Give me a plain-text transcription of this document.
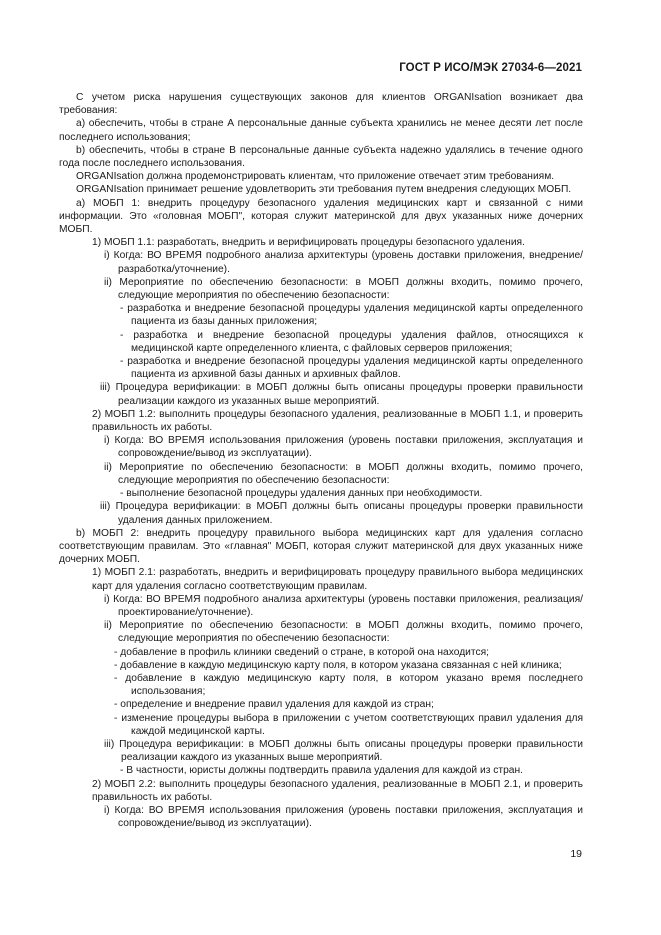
ГОСТ Р ИСО/МЭК 27034-6—2021

С учетом риска нарушения существующих законов для клиентов ORGANIsation возникает два требования:

a) обеспечить, чтобы в стране А персональные данные субъекта хранились не менее десяти лет после последнего использования;

b) обеспечить, чтобы в стране В персональные данные субъекта надежно удалялись в течение одного года после последнего использования.

ORGANIsation должна продемонстрировать клиентам, что приложение отвечает этим требованиям.

ORGANIsation принимает решение удовлетворить эти требования путем внедрения следующих МОБП.

a) МОБП 1: внедрить процедуру безопасного удаления медицинских карт и связанной с ними информации. Это «головная МОБП", которая служит материнской для двух указанных ниже дочерних МОБП.

1) МОБП 1.1: разработать, внедрить и верифицировать процедуры безопасного удаления.

i) Когда: ВО ВРЕМЯ подробного анализа архитектуры (уровень доставки приложения, внедрение/разработка/уточнение).

ii) Мероприятие по обеспечению безопасности: в МОБП должны входить, помимо прочего, следующие мероприятия по обеспечению безопасности:

- разработка и внедрение безопасной процедуры удаления медицинской карты определенного пациента из базы данных приложения;

- разработка и внедрение безопасной процедуры удаления файлов, относящихся к медицинской карте определенного клиента, с файловых серверов приложения;

- разработка и внедрение безопасной процедуры удаления медицинской карты определенного пациента из архивной базы данных и архивных файлов.

iii) Процедура верификации: в МОБП должны быть описаны процедуры проверки правильности реализации каждого из указанных выше мероприятий.

2) МОБП 1.2: выполнить процедуры безопасного удаления, реализованные в МОБП 1.1, и проверить правильность их работы.

i) Когда: ВО ВРЕМЯ использования приложения (уровень поставки приложения, эксплуатация и сопровождение/вывод из эксплуатации).

ii) Мероприятие по обеспечению безопасности: в МОБП должны входить, помимо прочего, следующие мероприятия по обеспечению безопасности:

- выполнение безопасной процедуры удаления данных при необходимости.

iii) Процедура верификации: в МОБП должны быть описаны процедуры проверки правильности удаления данных приложением.

b) МОБП 2: внедрить процедуру правильного выбора медицинских карт для удаления согласно соответствующим правилам. Это «главная" МОБП, которая служит материнской для двух указанных ниже дочерних МОБП.

1) МОБП 2.1: разработать, внедрить и верифицировать процедуру правильного выбора медицинских карт для удаления согласно соответствующим правилам.

i) Когда: ВО ВРЕМЯ подробного анализа архитектуры (уровень поставки приложения, реализация/проектирование/уточнение).

ii) Мероприятие по обеспечению безопасности: в МОБП должны входить, помимо прочего, следующие мероприятия по обеспечению безопасности:

- добавление в профиль клиники сведений о стране, в которой она находится;

- добавление в каждую медицинскую карту поля, в котором указана связанная с ней клиника;

- добавление в каждую медицинскую карту поля, в котором указано время последнего использования;

- определение и внедрение правил удаления для каждой из стран;

- изменение процедуры выбора в приложении с учетом соответствующих правил удаления для каждой медицинской карты.

iii) Процедура верификации: в МОБП должны быть описаны процедуры проверки правильности реализации каждого из указанных выше мероприятий.

- В частности, юристы должны подтвердить правила удаления для каждой из стран.

2) МОБП 2.2: выполнить процедуры безопасного удаления, реализованные в МОБП 2.1, и проверить правильность их работы.

i) Когда: ВО ВРЕМЯ использования приложения (уровень поставки приложения, эксплуатация и сопровождение/вывод из эксплуатации).

19
